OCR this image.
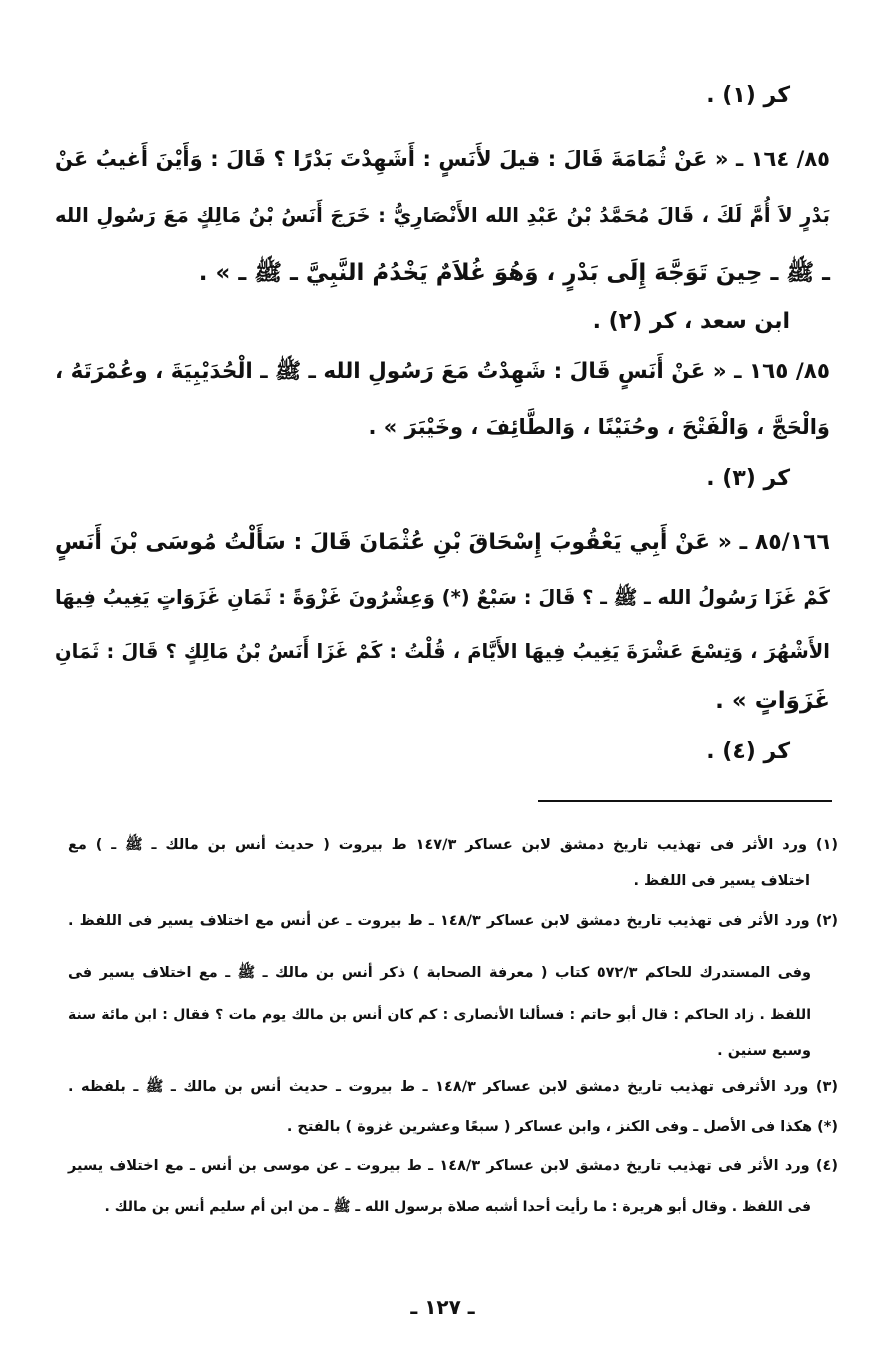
كر (١) .
٨٥/ ١٦٤ ـ « عَنْ ثُمَامَةَ قَالَ : قيلَ لأَنَسٍ : أَشَهِدْتَ بَدْرًا ؟ قَالَ : وَأَيْنَ أَغيبُ عَنْ
بَدْرٍ لاَ أُمَّ لَكَ ، قَالَ مُحَمَّدُ بْنُ عَبْدِ الله الأَنْصَارِيُّ : خَرَجَ أَنَسُ بْنُ مَالِكٍ مَعَ رَسُولِ الله
ـ ﷺ ـ حِينَ تَوَجَّهَ إِلَى بَدْرٍ ، وَهُوَ غُلاَمٌ يَخْدُمُ النَّبِيَّ ـ ﷺ ـ » .
ابن سعد ، كر (٢) .
٨٥/ ١٦٥ ـ « عَنْ أَنَسٍ قَالَ : شَهِدْتُ مَعَ رَسُولِ الله ـ ﷺ ـ الْحُدَيْبِيَةَ ، وعُمْرَتَهُ ،
وَالْحَجَّ ، وَالْفَتْحَ ، وحُنَيْنًا ، وَالطَّائِفَ ، وخَيْبَرَ » .
كر (٣) .
٨٥/١٦٦ ـ « عَنْ أَبِي يَعْقُوبَ إِسْحَاقَ بْنِ عُثْمَانَ قَالَ : سَأَلْتُ مُوسَى بْنَ أَنَسٍ
كَمْ غَزَا رَسُولُ الله ـ ﷺ ـ ؟ قَالَ : سَبْعٌ (*) وَعِشْرُونَ غَزْوَةً : ثَمَانِ غَزَوَاتٍ يَغِيبُ فِيهَا
الأَشْهُرَ ، وَتِسْعَ عَشْرَةَ يَغِيبُ فِيهَا الأَيَّامَ ، قُلْتُ : كَمْ غَزَا أَنَسُ بْنُ مَالِكٍ ؟ قَالَ : ثَمَانِ
غَزَوَاتٍ » .
كر (٤) .
(١) ورد الأثر فى تهذيب تاريخ دمشق لابن عساكر ١٤٧/٣ ط بيروت ( حديث أنس بن مالك ـ ﷺ ـ ) مع
اختلاف يسير فى اللفظ .
(٢) ورد الأثر فى تهذيب تاريخ دمشق لابن عساكر ١٤٨/٣ ـ ط بيروت ـ عن أنس مع اختلاف يسير فى اللفظ .
وفى المستدرك للحاكم ٥٧٢/٣ كتاب ( معرفة الصحابة ) ذكر أنس بن مالك ـ ﷺ ـ مع اختلاف يسير فى
اللفظ . زاد الحاكم : قال أبو حاتم : فسألنا الأنصارى : كم كان أنس بن مالك يوم مات ؟ فقال : ابن مائة سنة
وسبع سنين .
(٣) ورد الأثرفى تهذيب تاريخ دمشق لابن عساكر ١٤٨/٣ ـ ط بيروت ـ حديث أنس بن مالك ـ ﷺ ـ بلفظه .
(*) هكذا فى الأصل ـ وفى الكنز ، وابن عساكر ( سبعًا وعشرين غزوة ) بالفتح .
(٤) ورد الأثر فى تهذيب تاريخ دمشق لابن عساكر ١٤٨/٣ ـ ط بيروت ـ عن موسى بن أنس ـ مع اختلاف يسير
فى اللفظ . وقال أبو هريرة : ما رأيت أحدا أشبه صلاة برسول الله ـ ﷺ ـ من ابن أم سليم أنس بن مالك .
ـ ١٢٧ ـ
